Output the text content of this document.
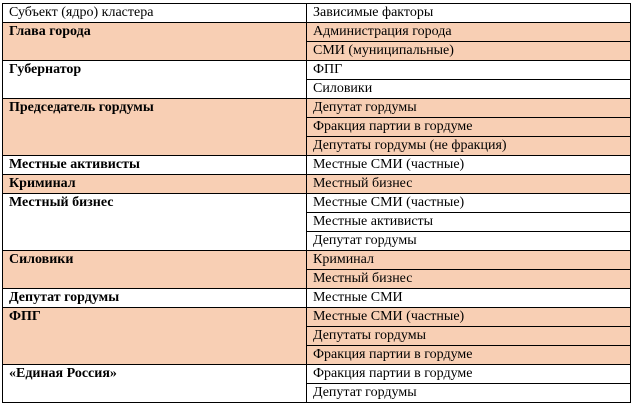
Субъект (ядро) кластера	Зависимые факторы
Глава города	Администрация города
	СМИ (муниципальные)
Губернатор	ФПГ
	Силовики
Председатель гордумы	Депутат гордумы
	Фракция партии в гордуме
	Депутаты гордумы (не фракция)
Местные активисты	Местные СМИ (частные)
Криминал	Местный бизнес
Местный бизнес	Местные СМИ (частные)
	Местные активисты
	Депутат гордумы
Силовики	Криминал
	Местный бизнес
Депутат гордумы	Местные СМИ
ФПГ	Местные СМИ (частные)
	Депутаты гордумы
	Фракция партии в гордуме
«Единая Россия»	Фракция партии в гордуме
	Депутат гордумы
